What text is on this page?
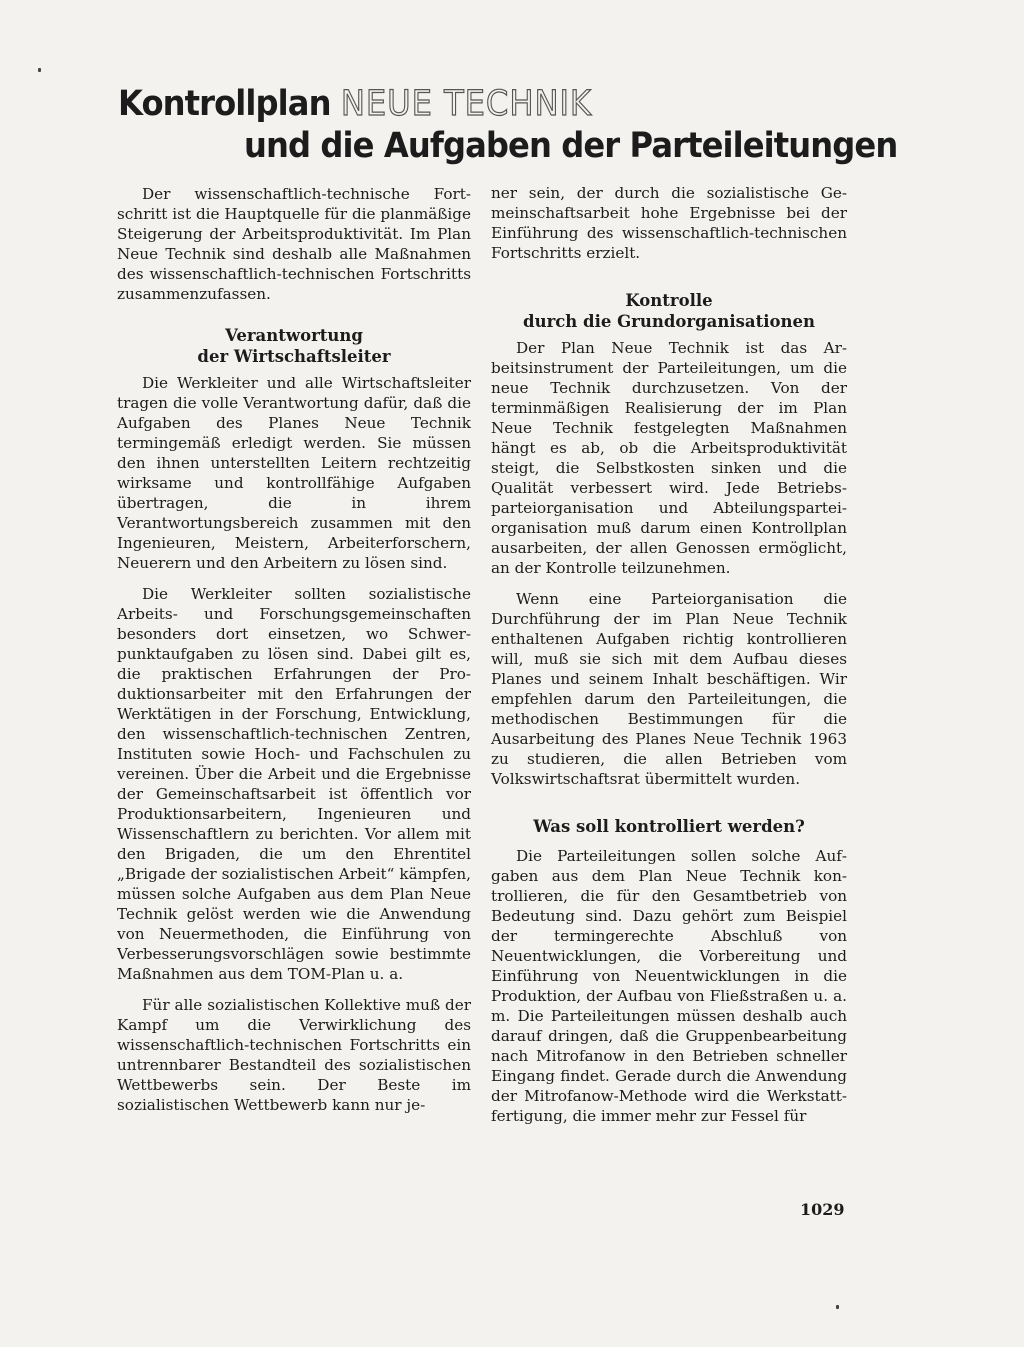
Kontrollplan NEUE TECHNIK
und die Aufgaben der Parteileitungen

Der wissenschaftlich-technische Fortschritt ist die Hauptquelle für die planmäßige Steigerung der Arbeitsproduktivität. Im Plan Neue Technik sind deshalb alle Maßnahmen des wissenschaftlich-technischen Fortschritts zusammenzufassen.

Verantwortung
der Wirtschaftsleiter

Die Werkleiter und alle Wirtschaftsleiter tragen die volle Verantwortung dafür, daß die Aufgaben des Planes Neue Technik termingemäß erledigt werden. Sie müssen den ihnen unterstellten Leitern rechtzeitig wirksame und kontrollfähige Aufgaben übertragen, die in ihrem Verantwortungsbereich zusammen mit den Ingenieuren, Meistern, Arbeiterforschern, Neuerern und den Arbeitern zu lösen sind.

Die Werkleiter sollten sozialistische Arbeits- und Forschungsgemeinschaften besonders dort einsetzen, wo Schwerpunktaufgaben zu lösen sind. Dabei gilt es, die praktischen Erfahrungen der Produktionsarbeiter mit den Erfahrungen der Werktätigen in der Forschung, Entwicklung, den wissenschaftlich-technischen Zentren, Instituten sowie Hoch- und Fachschulen zu vereinen. Über die Arbeit und die Ergebnisse der Gemeinschaftsarbeit ist öffentlich vor Produktionsarbeitern, Ingenieuren und Wissenschaftlern zu berichten. Vor allem mit den Brigaden, die um den Ehrentitel „Brigade der sozialistischen Arbeit“ kämpfen, müssen solche Aufgaben aus dem Plan Neue Technik gelöst werden wie die Anwendung von Neuermethoden, die Einführung von Verbesserungsvorschlägen sowie bestimmte Maßnahmen aus dem TOM-Plan u. a.

Für alle sozialistischen Kollektive muß der Kampf um die Verwirklichung des wissenschaftlich-technischen Fortschritts ein untrennbarer Bestandteil des sozialistischen Wettbewerbs sein. Der Beste im sozialistischen Wettbewerb kann nur je-

ner sein, der durch die sozialistische Gemeinschaftsarbeit hohe Ergebnisse bei der Einführung des wissenschaftlich-technischen Fortschritts erzielt.

Kontrolle
durch die Grundorganisationen

Der Plan Neue Technik ist das Arbeitsinstrument der Parteileitungen, um die neue Technik durchzusetzen. Von der terminmäßigen Realisierung der im Plan Neue Technik festgelegten Maßnahmen hängt es ab, ob die Arbeitsproduktivität steigt, die Selbstkosten sinken und die Qualität verbessert wird. Jede Betriebsparteiorganisation und Abteilungsparteiorganisation muß darum einen Kontrollplan ausarbeiten, der allen Genossen ermöglicht, an der Kontrolle teilzunehmen.

Wenn eine Parteiorganisation die Durchführung der im Plan Neue Technik enthaltenen Aufgaben richtig kontrollieren will, muß sie sich mit dem Aufbau dieses Planes und seinem Inhalt beschäftigen. Wir empfehlen darum den Parteileitungen, die methodischen Bestimmungen für die Ausarbeitung des Planes Neue Technik 1963 zu studieren, die allen Betrieben vom Volkswirtschaftsrat übermittelt wurden.

Was soll kontrolliert werden?

Die Parteileitungen sollen solche Aufgaben aus dem Plan Neue Technik kontrollieren, die für den Gesamtbetrieb von Bedeutung sind. Dazu gehört zum Beispiel der termingerechte Abschluß von Neuentwicklungen, die Vorbereitung und Einführung von Neuentwicklungen in die Produktion, der Aufbau von Fließstraßen u. a. m. Die Parteileitungen müssen deshalb auch darauf dringen, daß die Gruppenbearbeitung nach Mitrofanow in den Betrieben schneller Eingang findet. Gerade durch die Anwendung der Mitrofanow-Methode wird die Werkstattfertigung, die immer mehr zur Fessel für

1029
